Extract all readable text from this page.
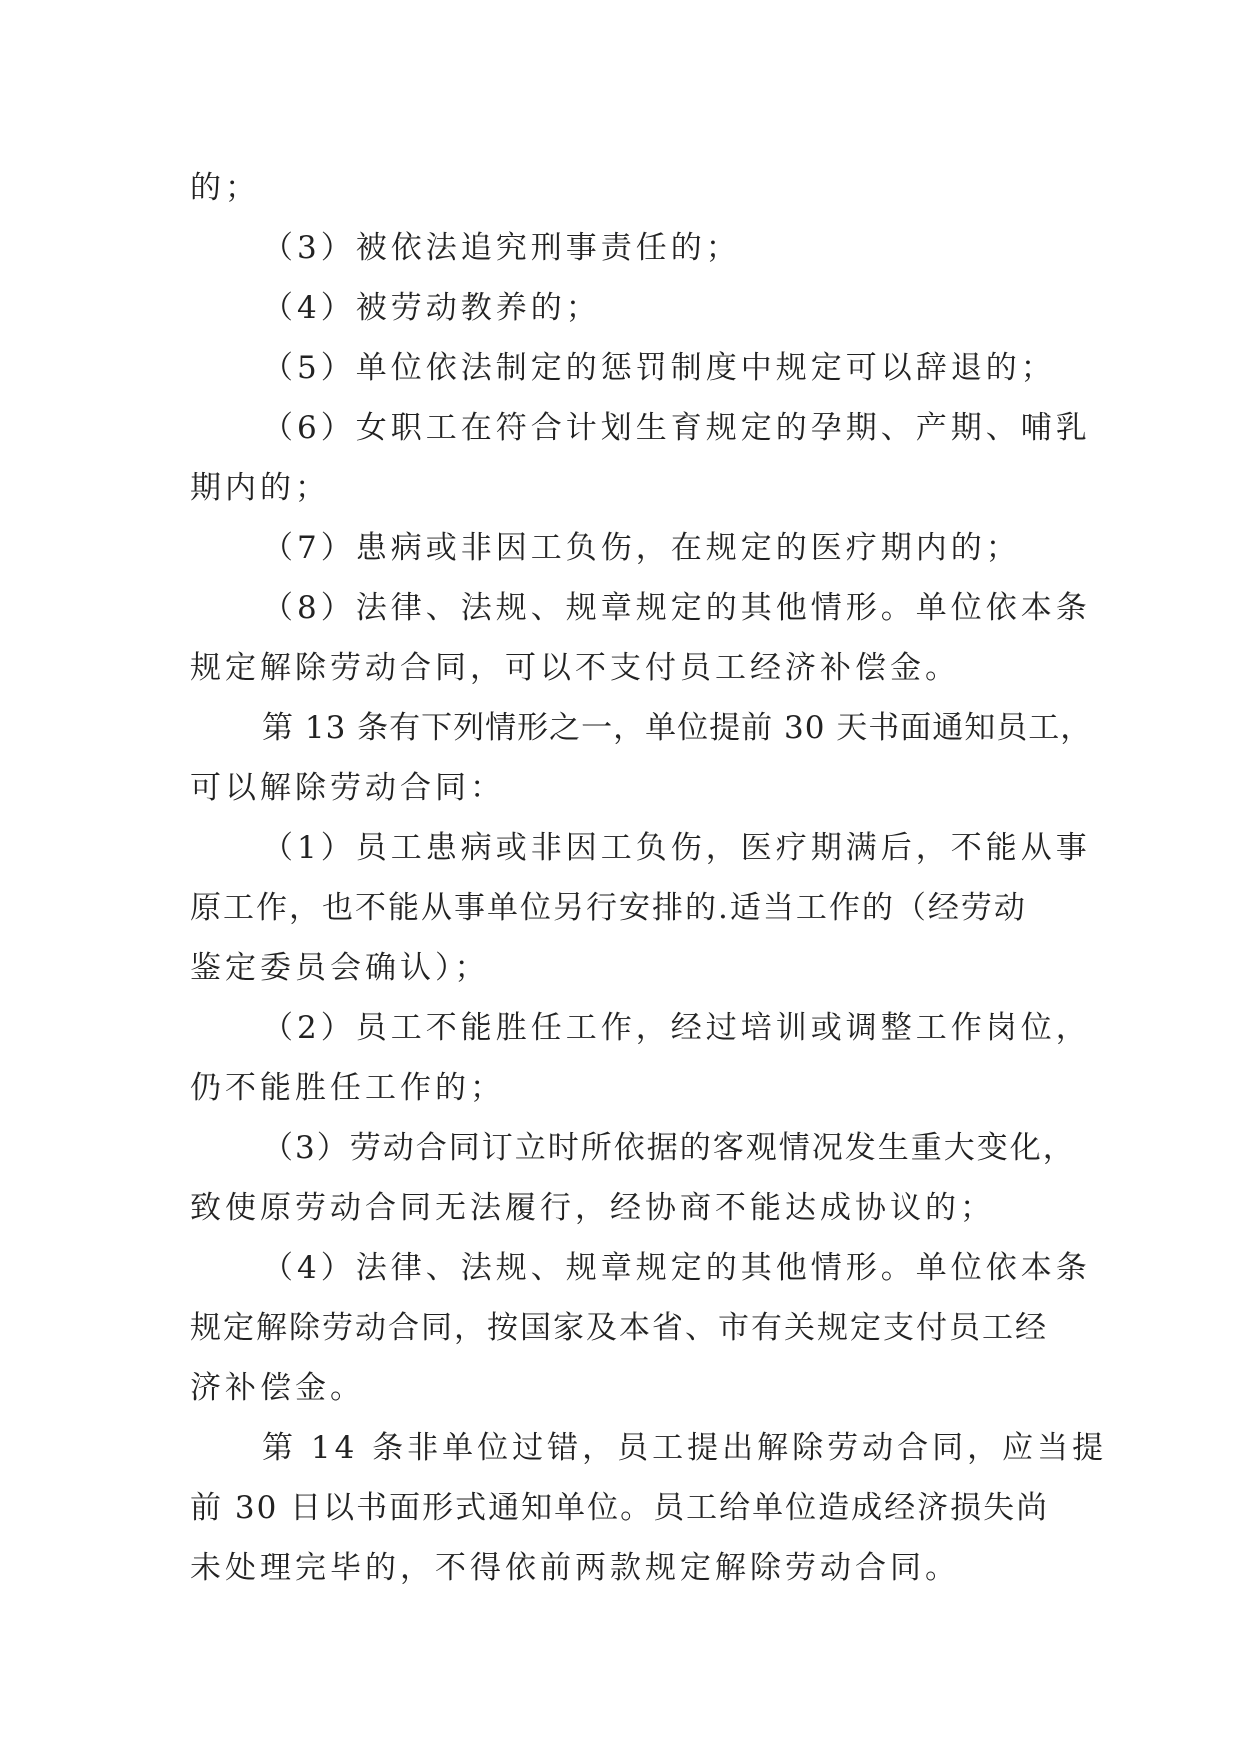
的；
（3）被依法追究刑事责任的；
（4）被劳动教养的；
（5）单位依法制定的惩罚制度中规定可以辞退的；
（6）女职工在符合计划生育规定的孕期、产期、哺乳
期内的；
（7）患病或非因工负伤，在规定的医疗期内的；
（8）法律、法规、规章规定的其他情形。单位依本条
规定解除劳动合同，可以不支付员工经济补偿金。
第 13 条有下列情形之一，单位提前 30 天书面通知员工，
可以解除劳动合同：
（1）员工患病或非因工负伤，医疗期满后，不能从事
原工作，也不能从事单位另行安排的.适当工作的（经劳动
鉴定委员会确认）；
（2）员工不能胜任工作，经过培训或调整工作岗位，
仍不能胜任工作的；
（3）劳动合同订立时所依据的客观情况发生重大变化，
致使原劳动合同无法履行，经协商不能达成协议的；
（4）法律、法规、规章规定的其他情形。单位依本条
规定解除劳动合同，按国家及本省、市有关规定支付员工经
济补偿金。
第 14 条非单位过错，员工提出解除劳动合同，应当提
前 30 日以书面形式通知单位。员工给单位造成经济损失尚
未处理完毕的，不得依前两款规定解除劳动合同。
